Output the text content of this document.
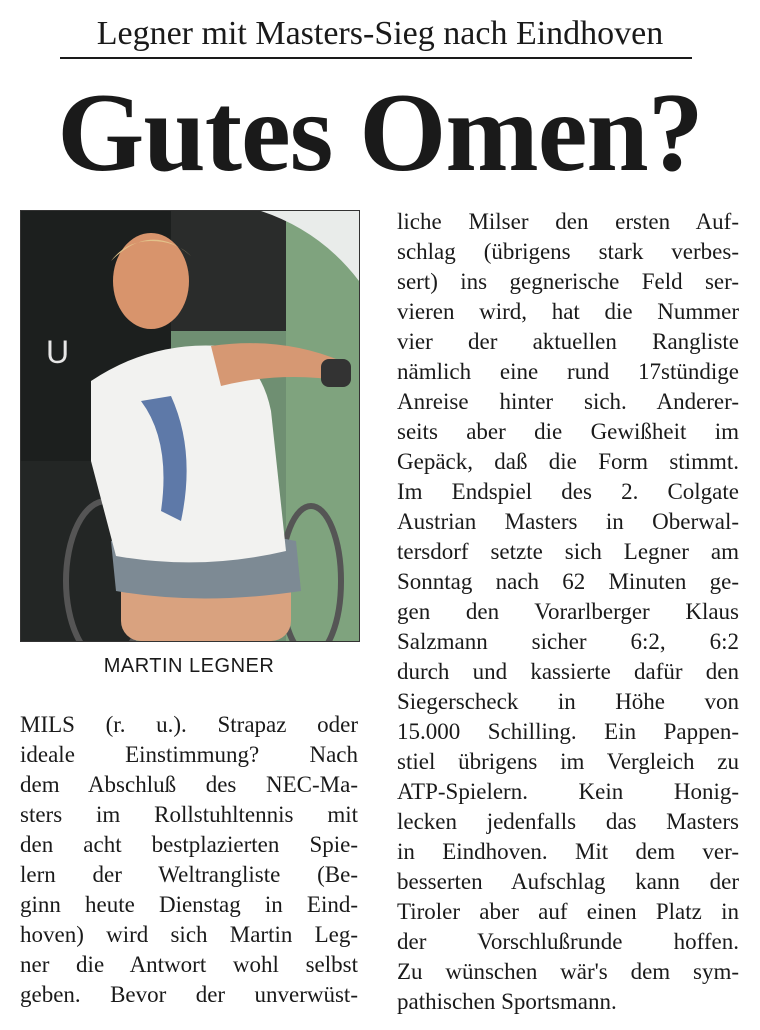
Legner mit Masters-Sieg nach Eindhoven
Gutes Omen?
U
MARTIN LEGNER
MILS (r. u.). Strapaz oder
ideale Einstimmung? Nach
dem Abschluß des NEC-Ma-
sters im Rollstuhltennis mit
den acht bestplazierten Spie-
lern der Weltrangliste (Be-
ginn heute Dienstag in Eind-
hoven) wird sich Martin Leg-
ner die Antwort wohl selbst
geben. Bevor der unverwüst-
liche Milser den ersten Auf-
schlag (übrigens stark verbes-
sert) ins gegnerische Feld ser-
vieren wird, hat die Nummer
vier der aktuellen Rangliste
nämlich eine rund 17stündige
Anreise hinter sich. Anderer-
seits aber die Gewißheit im
Gepäck, daß die Form stimmt.
Im Endspiel des 2. Colgate
Austrian Masters in Oberwal-
tersdorf setzte sich Legner am
Sonntag nach 62 Minuten ge-
gen den Vorarlberger Klaus
Salzmann sicher 6:2, 6:2
durch und kassierte dafür den
Siegerscheck in Höhe von
15.000 Schilling. Ein Pappen-
stiel übrigens im Vergleich zu
ATP-Spielern. Kein Honig-
lecken jedenfalls das Masters
in Eindhoven. Mit dem ver-
besserten Aufschlag kann der
Tiroler aber auf einen Platz in
der Vorschlußrunde hoffen.
Zu wünschen wär's dem sym-
pathischen Sportsmann.
